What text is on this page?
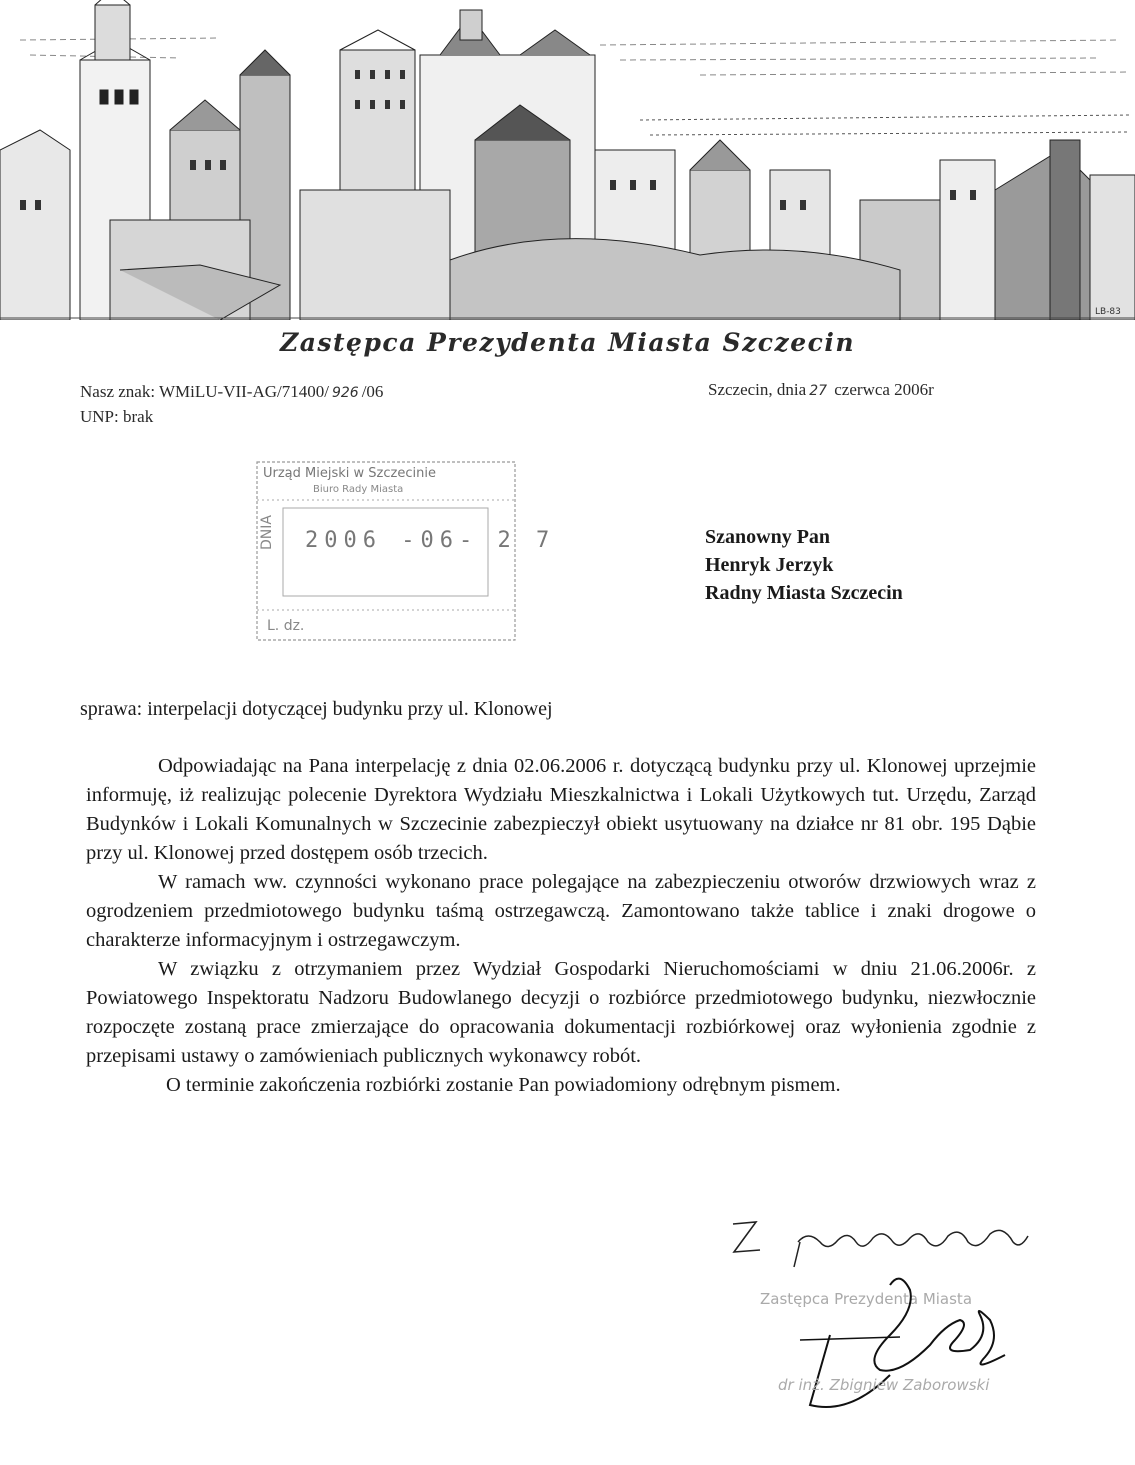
LB-83
Zastępca Prezydenta Miasta Szczecin
Nasz znak: WMiLU-VII-AG/71400/ 926 /06
UNP: brak
Szczecin, dnia 27 czerwca 2006r
Urząd Miejski w Szczecinie
Biuro Rady Miasta
DNIA 2006 -06- 2 7
L. dz.
Szanowny Pan
Henryk Jerzyk
Radny Miasta Szczecin
sprawa: interpelacji dotyczącej budynku przy ul. Klonowej

Odpowiadając na Pana interpelację z dnia 02.06.2006 r. dotyczącą budynku przy ul. Klonowej uprzejmie informuję, iż realizując polecenie Dyrektora Wydziału Mieszkalnictwa i Lokali Użytkowych tut. Urzędu, Zarząd Budynków i Lokali Komunalnych w Szczecinie zabezpieczył obiekt usytuowany na działce nr 81 obr. 195 Dąbie przy ul. Klonowej przed dostępem osób trzecich.

W ramach ww. czynności wykonano prace polegające na zabezpieczeniu otworów drzwiowych wraz z ogrodzeniem przedmiotowego budynku taśmą ostrzegawczą. Zamontowano także tablice i znaki drogowe o charakterze informacyjnym i ostrzegawczym.

W związku z otrzymaniem przez Wydział Gospodarki Nieruchomościami w dniu 21.06.2006r. z Powiatowego Inspektoratu Nadzoru Budowlanego decyzji o rozbiórce przedmiotowego budynku, niezwłocznie rozpoczęte zostaną prace zmierzające do opracowania dokumentacji rozbiórkowej oraz wyłonienia zgodnie z przepisami ustawy o zamówieniach publicznych wykonawcy robót.

O terminie zakończenia rozbiórki zostanie Pan powiadomiony odrębnym pismem.

Zastępca Prezydenta Miasta
dr inż. Zbigniew Zaborowski
